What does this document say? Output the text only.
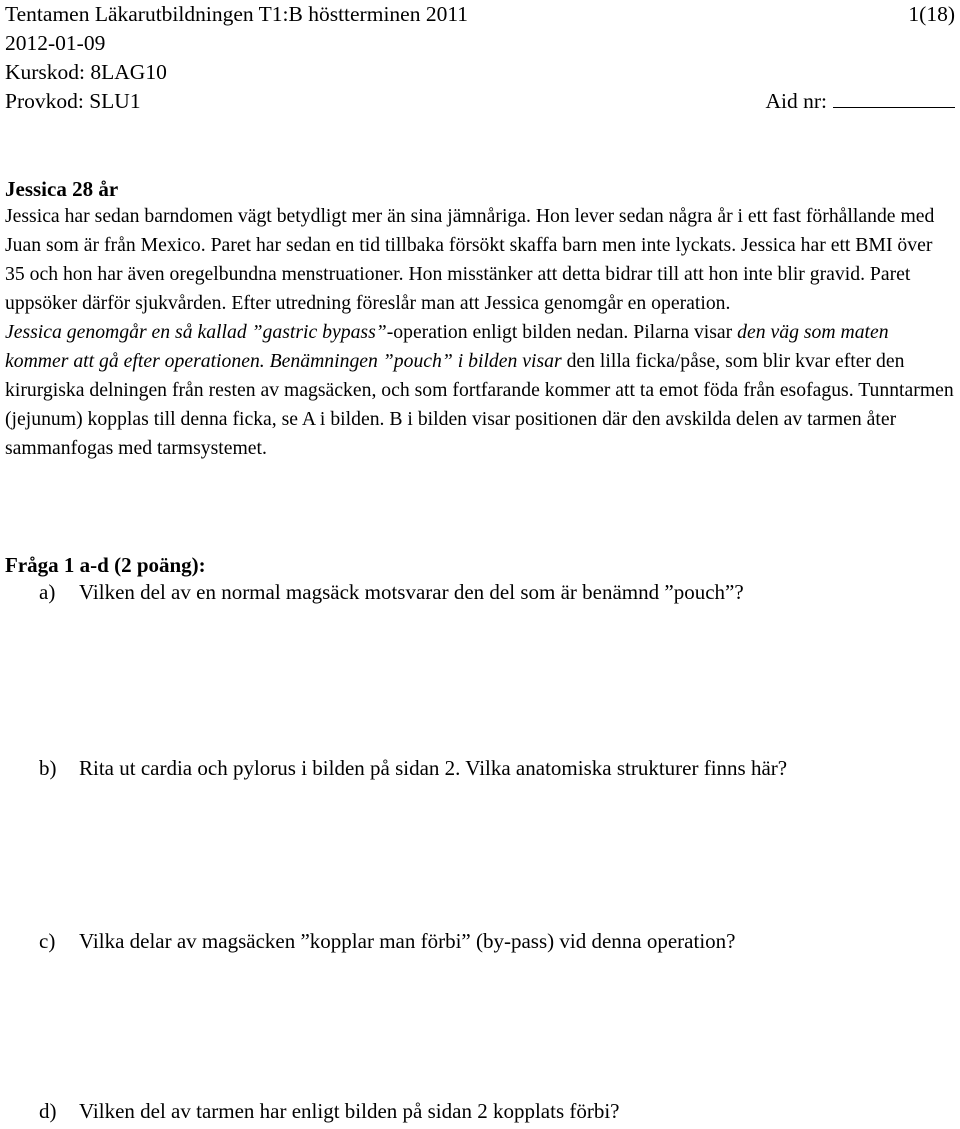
Tentamen Läkarutbildningen T1:B höstterminen 2011	1(18)
2012-01-09
Kurskod: 8LAG10
Provkod: SLU1	Aid nr:
Jessica 28 år

Jessica har sedan barndomen vägt betydligt mer än sina jämnåriga. Hon lever sedan några år i ett fast förhållande med Juan som är från Mexico. Paret har sedan en tid tillbaka försökt skaffa barn men inte lyckats. Jessica har ett BMI över 35 och hon har även oregelbundna menstruationer. Hon misstänker att detta bidrar till att hon inte blir gravid. Paret uppsöker därför sjukvården. Efter utredning föreslår man att Jessica genomgår en operation.
Jessica genomgår en så kallad ”gastric bypass”-operation enligt bilden nedan. Pilarna visar den väg som maten kommer att gå efter operationen. Benämningen ”pouch” i bilden visar den lilla ficka/påse, som blir kvar efter den kirurgiska delningen från resten av magsäcken, och som fortfarande kommer att ta emot föda från esofagus. Tunntarmen (jejunum) kopplas till denna ficka, se A i bilden. B i bilden visar positionen där den avskilda delen av tarmen åter sammanfogas med tarmsystemet.

Fråga 1 a-d (2 poäng):
a) Vilken del av en normal magsäck motsvarar den del som är benämnd ”pouch”?
b) Rita ut cardia och pylorus i bilden på sidan 2. Vilka anatomiska strukturer finns här?
c) Vilka delar av magsäcken ”kopplar man förbi” (by-pass) vid denna operation?
d) Vilken del av tarmen har enligt bilden på sidan 2 kopplats förbi?
